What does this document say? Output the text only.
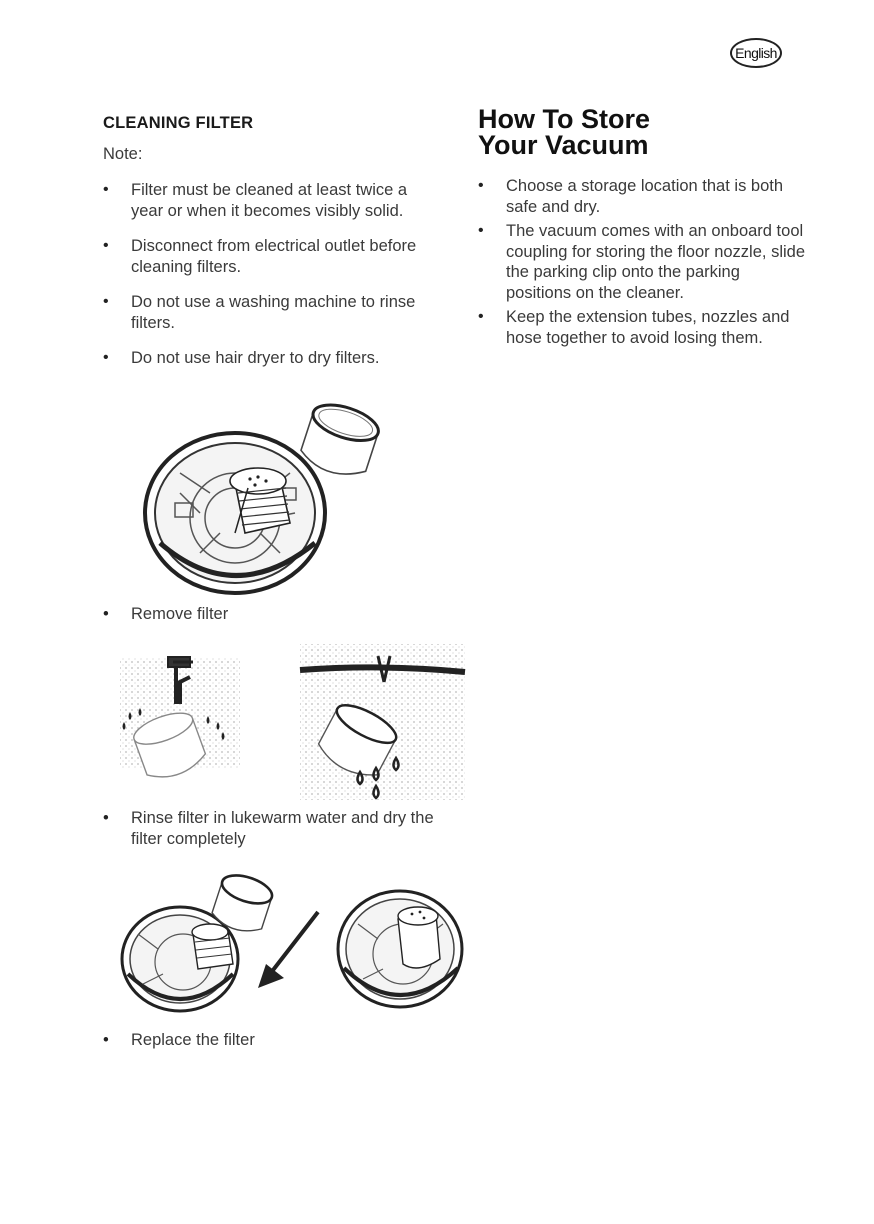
English
CLEANING FILTER
Note:
• Filter must be cleaned at least twice a year or when it becomes visibly solid.
• Disconnect from electrical outlet before cleaning filters.
• Do not use a washing machine to rinse filters.
• Do not use hair dryer to dry filters.
• Remove filter
• Rinse filter in lukewarm water and dry the filter completely
• Replace the filter
How To Store
Your Vacuum
• Choose a storage location that is both safe and dry.
• The vacuum comes with an onboard tool coupling for storing the floor nozzle, slide the parking clip onto the parking positions on the cleaner.
• Keep the extension tubes, nozzles and hose together to avoid losing them.
